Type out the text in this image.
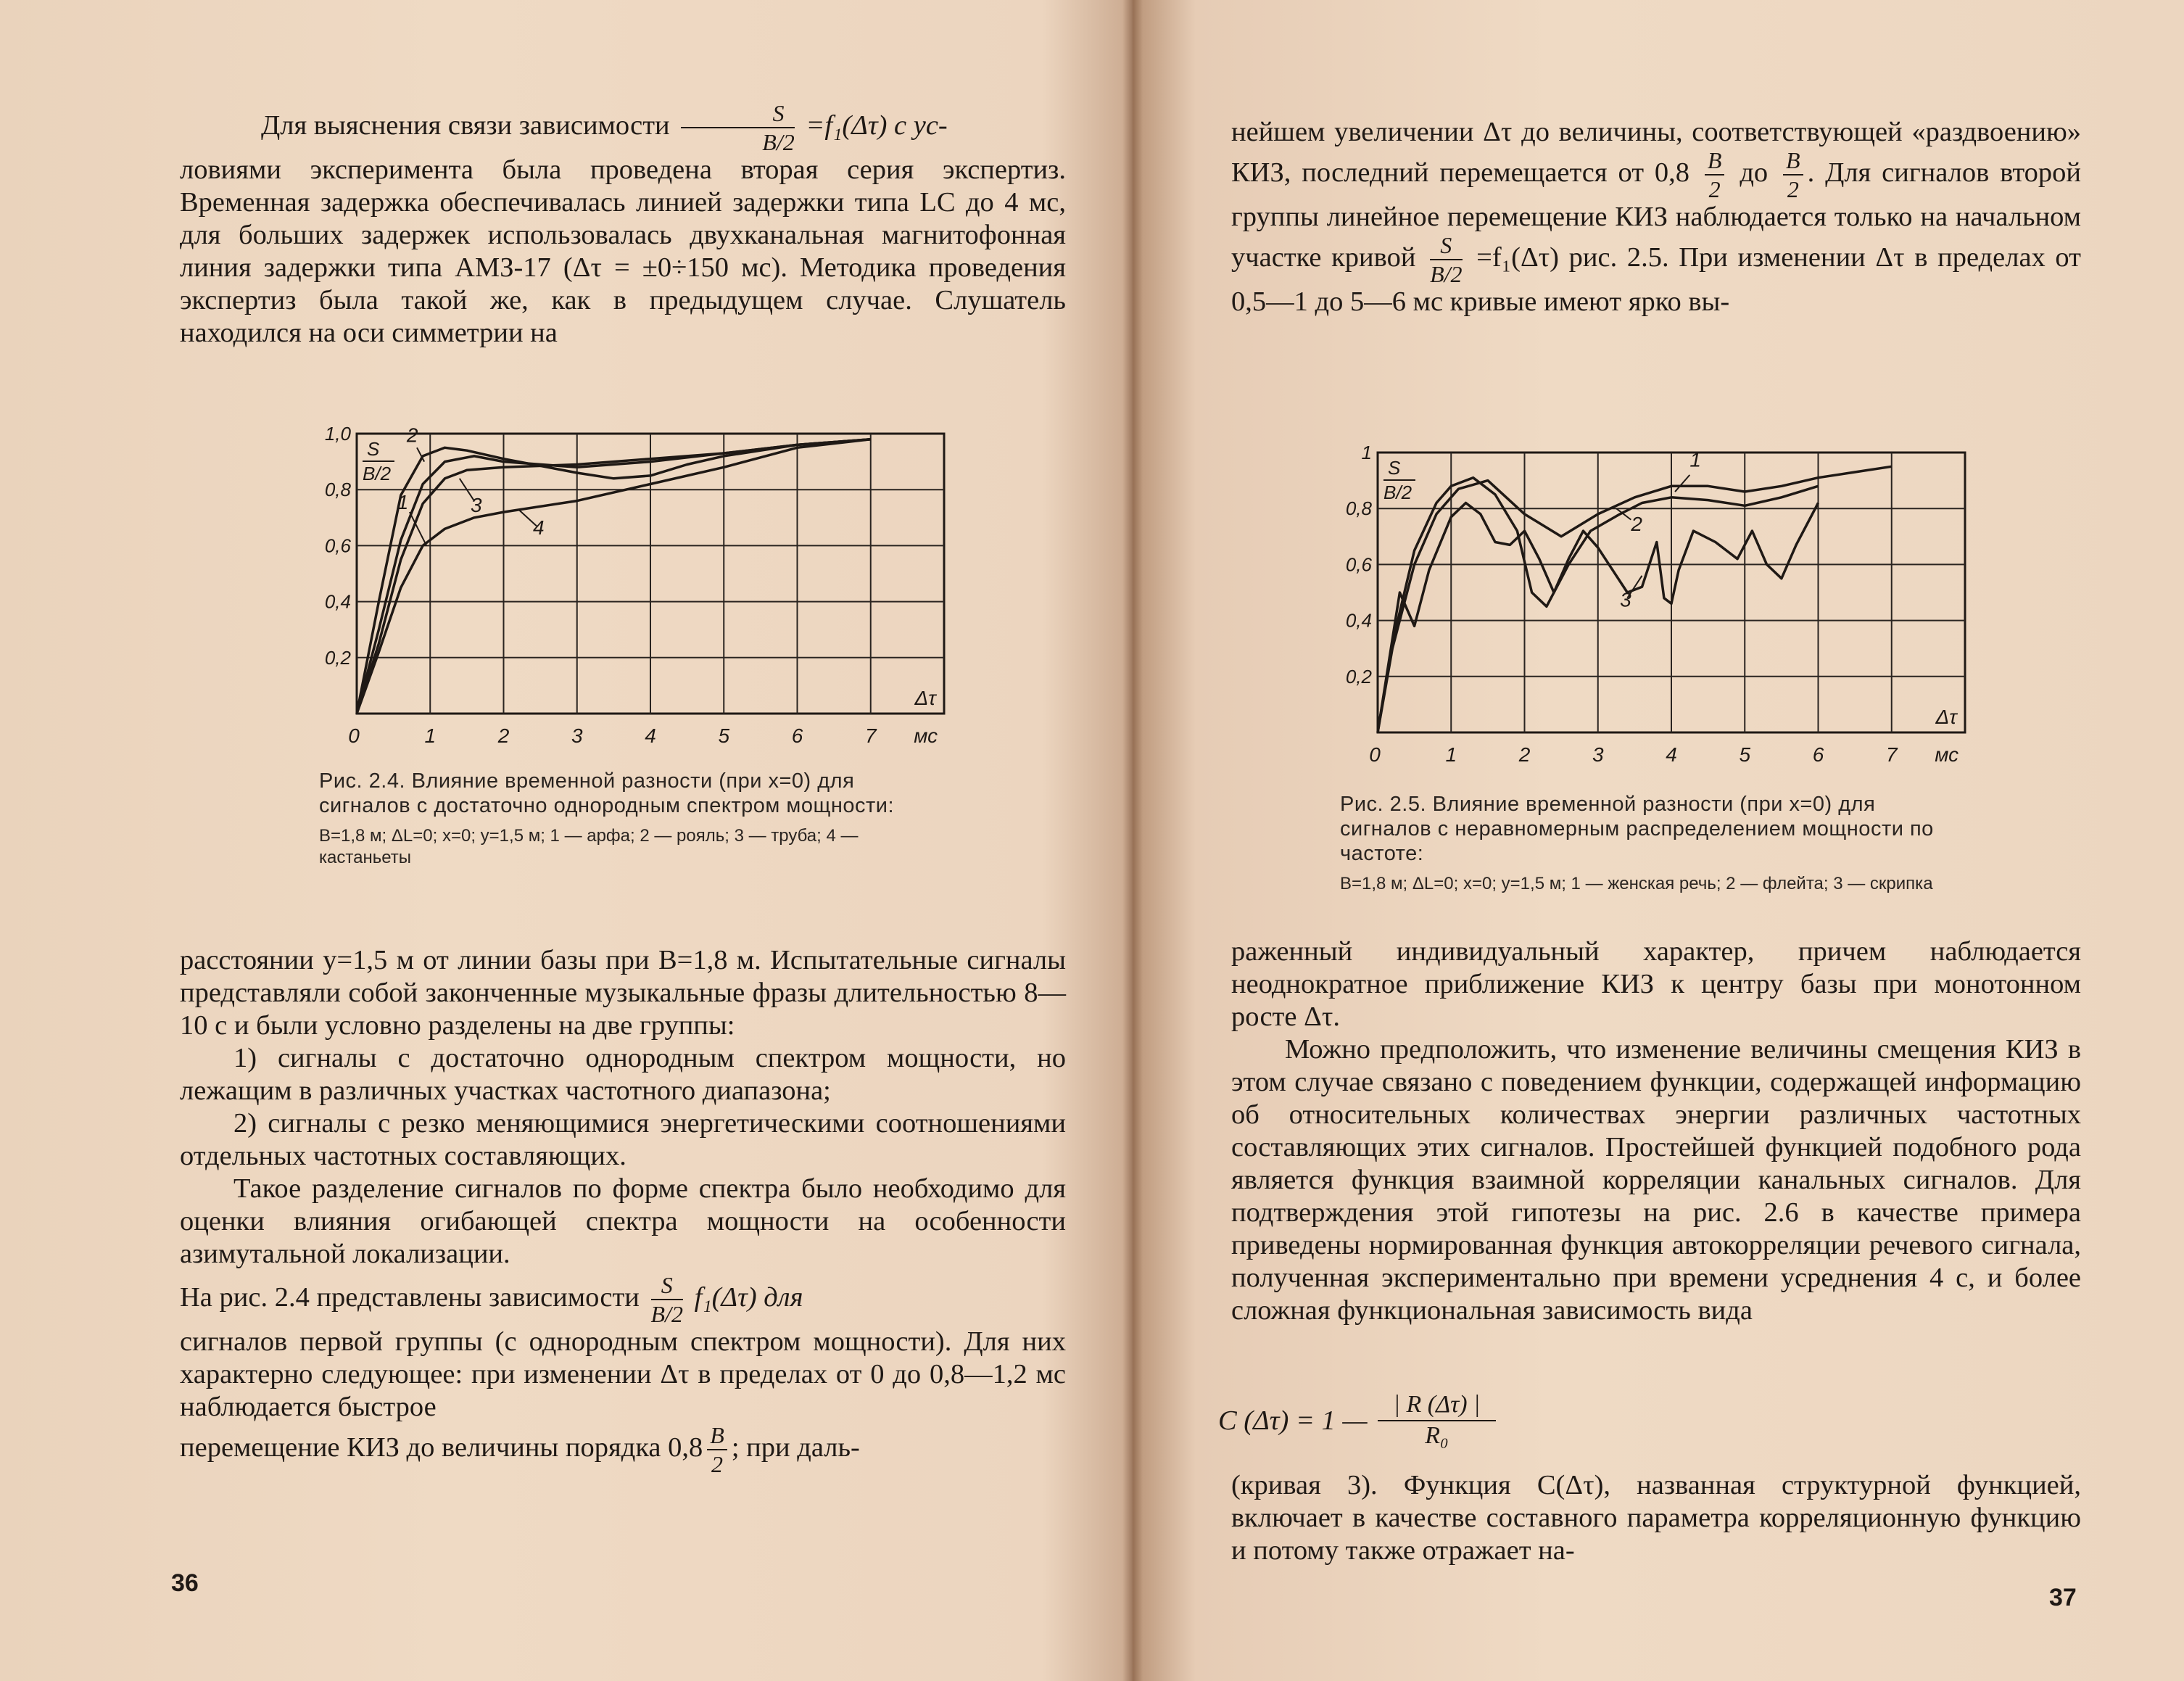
Для выяснения связи зависимости $\frac{S}{B/2} =f_1(\Delta\tau)$ с ус-

ловиями эксперимента была проведена вторая серия экспертиз. Временная задержка обеспечивалась линией задержки типа LC до 4 мс, для больших задержек использовалась двухканальная магнитофонная линия задержки типа АМЗ-17 (Δτ = ±0÷150 мс). Методика проведения экспертиз была такой же, как в предыдущем случае. Слушатель находился на оси симметрии на

0,2
0,4
0,6
0,8
1,0
0	1	2	3	4	5	6	7 мс
Δτ
S
B/2
1
2
3
4
Рис. 2.4. Влияние временной разности (при x=0) для сигналов с достаточно однородным спектром мощности:
B=1,8 м; ΔL=0; x=0; y=1,5 м; 1 — арфа; 2 — рояль; 3 — труба; 4 — кастаньеты

расстоянии y=1,5 м от линии базы при B=1,8 м. Испытательные сигналы представляли собой законченные музыкальные фразы длительностью 8—10 с и были условно разделены на две группы:

1) сигналы с достаточно однородным спектром мощности, но лежащим в различных участках частотного диапазона;

2) сигналы с резко меняющимися энергетическими соотношениями отдельных частотных составляющих.

Такое разделение сигналов по форме спектра было необходимо для оценки влияния огибающей спектра мощности на особенности азимутальной локализации.

На рис. 2.4 представлены зависимости $\frac{S}{B/2} f_1(\Delta\tau)$ для

сигналов первой группы (с однородным спектром мощности). Для них характерно следующее: при изменении Δτ в пределах от 0 до 0,8—1,2 мс наблюдается быстрое

перемещение КИЗ до величины порядка $0,8 \frac{B}{2}$ ; при даль-

36

нейшем увеличении Δτ до величины, соответствующей «раздвоению» КИЗ, последний перемещается от $0,8 \frac{B}{2}$ до $\frac{B}{2}$ . Для сигналов второй группы линейное перемещение КИЗ наблюдается только на начальном участке кривой $\frac{S}{B/2} =f_1(\Delta\tau)$ рис. 2.5. При изменении Δτ в пределах от 0,5—1 до 5—6 мс кривые имеют ярко вы-

0,2
0,4
0,6
0,8
1
0	1	2	3	4	5	6	7 мс
Δτ
S
B/2
1
2
3
Рис. 2.5. Влияние временной разности (при x=0) для сигналов с неравномерным распределением мощности по частоте:
B=1,8 м; ΔL=0; x=0; y=1,5 м; 1 — женская речь; 2 — флейта; 3 — скрипка

раженный индивидуальный характер, причем наблюдается неоднократное приближение КИЗ к центру базы при монотонном росте Δτ.

Можно предположить, что изменение величины смещения КИЗ в этом случае связано с поведением функции, содержащей информацию об относительных количествах энергии различных частотных составляющих этих сигналов. Простейшей функцией подобного рода является функция взаимной корреляции канальных сигналов. Для подтверждения этой гипотезы на рис. 2.6 в качестве примера приведены нормированная функция автокорреляции речевого сигнала, полученная экспериментально при времени усреднения 4 с, и более сложная функциональная зависимость вида

C (Δτ) = 1 — $\frac{| R (\Delta\tau) |}{\text{R₀}}$

(кривая 3). Функция C(Δτ), названная структурной функцией, включает в качестве составного параметра корреляционную функцию и потому также отражает на-

37
